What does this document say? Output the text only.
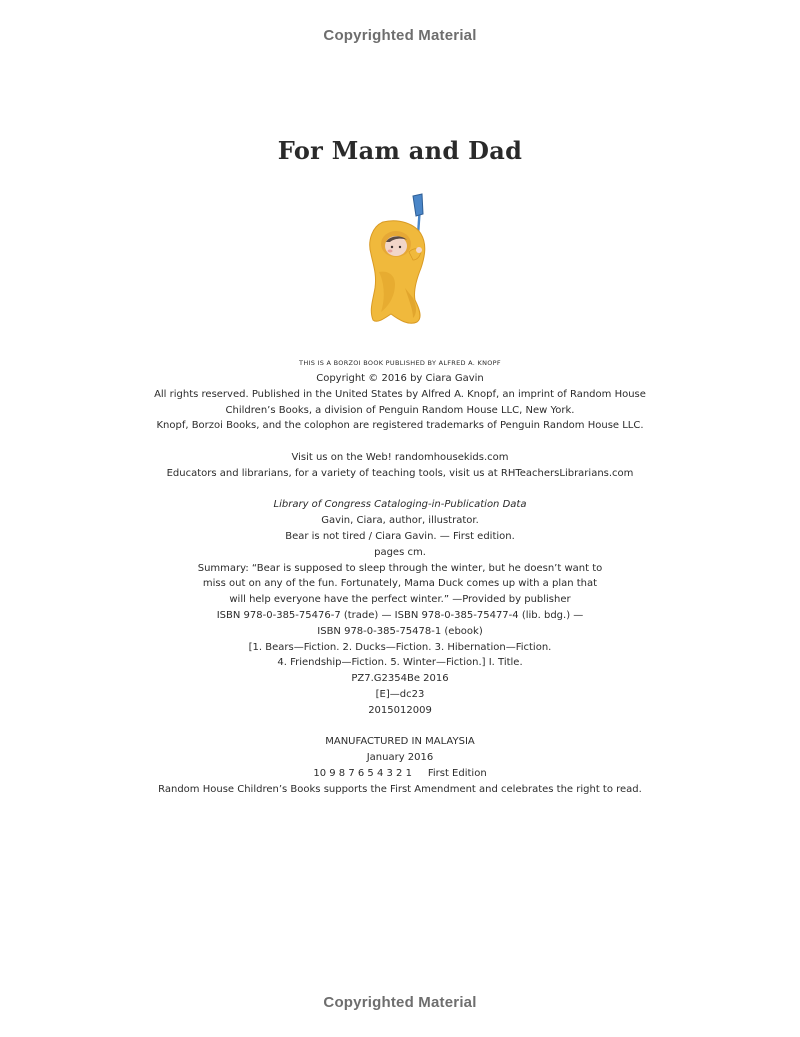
Copyrighted Material
For Mam and Dad
THIS IS A BORZOI BOOK PUBLISHED BY ALFRED A. KNOPF
Copyright © 2016 by Ciara Gavin
All rights reserved. Published in the United States by Alfred A. Knopf, an imprint of Random House
Children’s Books, a division of Penguin Random House LLC, New York.
Knopf, Borzoi Books, and the colophon are registered trademarks of Penguin Random House LLC.
Visit us on the Web! randomhousekids.com
Educators and librarians, for a variety of teaching tools, visit us at RHTeachersLibrarians.com
Library of Congress Cataloging-in-Publication Data
Gavin, Ciara, author, illustrator.
Bear is not tired / Ciara Gavin. — First edition.
pages cm.
Summary: “Bear is supposed to sleep through the winter, but he doesn’t want to
miss out on any of the fun. Fortunately, Mama Duck comes up with a plan that
will help everyone have the perfect winter.” —Provided by publisher
ISBN 978-0-385-75476-7 (trade) — ISBN 978-0-385-75477-4 (lib. bdg.) —
ISBN 978-0-385-75478-1 (ebook)
[1. Bears—Fiction. 2. Ducks—Fiction. 3. Hibernation—Fiction.
4. Friendship—Fiction. 5. Winter—Fiction.] I. Title.
PZ7.G2354Be 2016
[E]—dc23
2015012009
MANUFACTURED IN MALAYSIA
January 2016
10 9 8 7 6 5 4 3 2 1     First Edition
Random House Children’s Books supports the First Amendment and celebrates the right to read.
Copyrighted Material
